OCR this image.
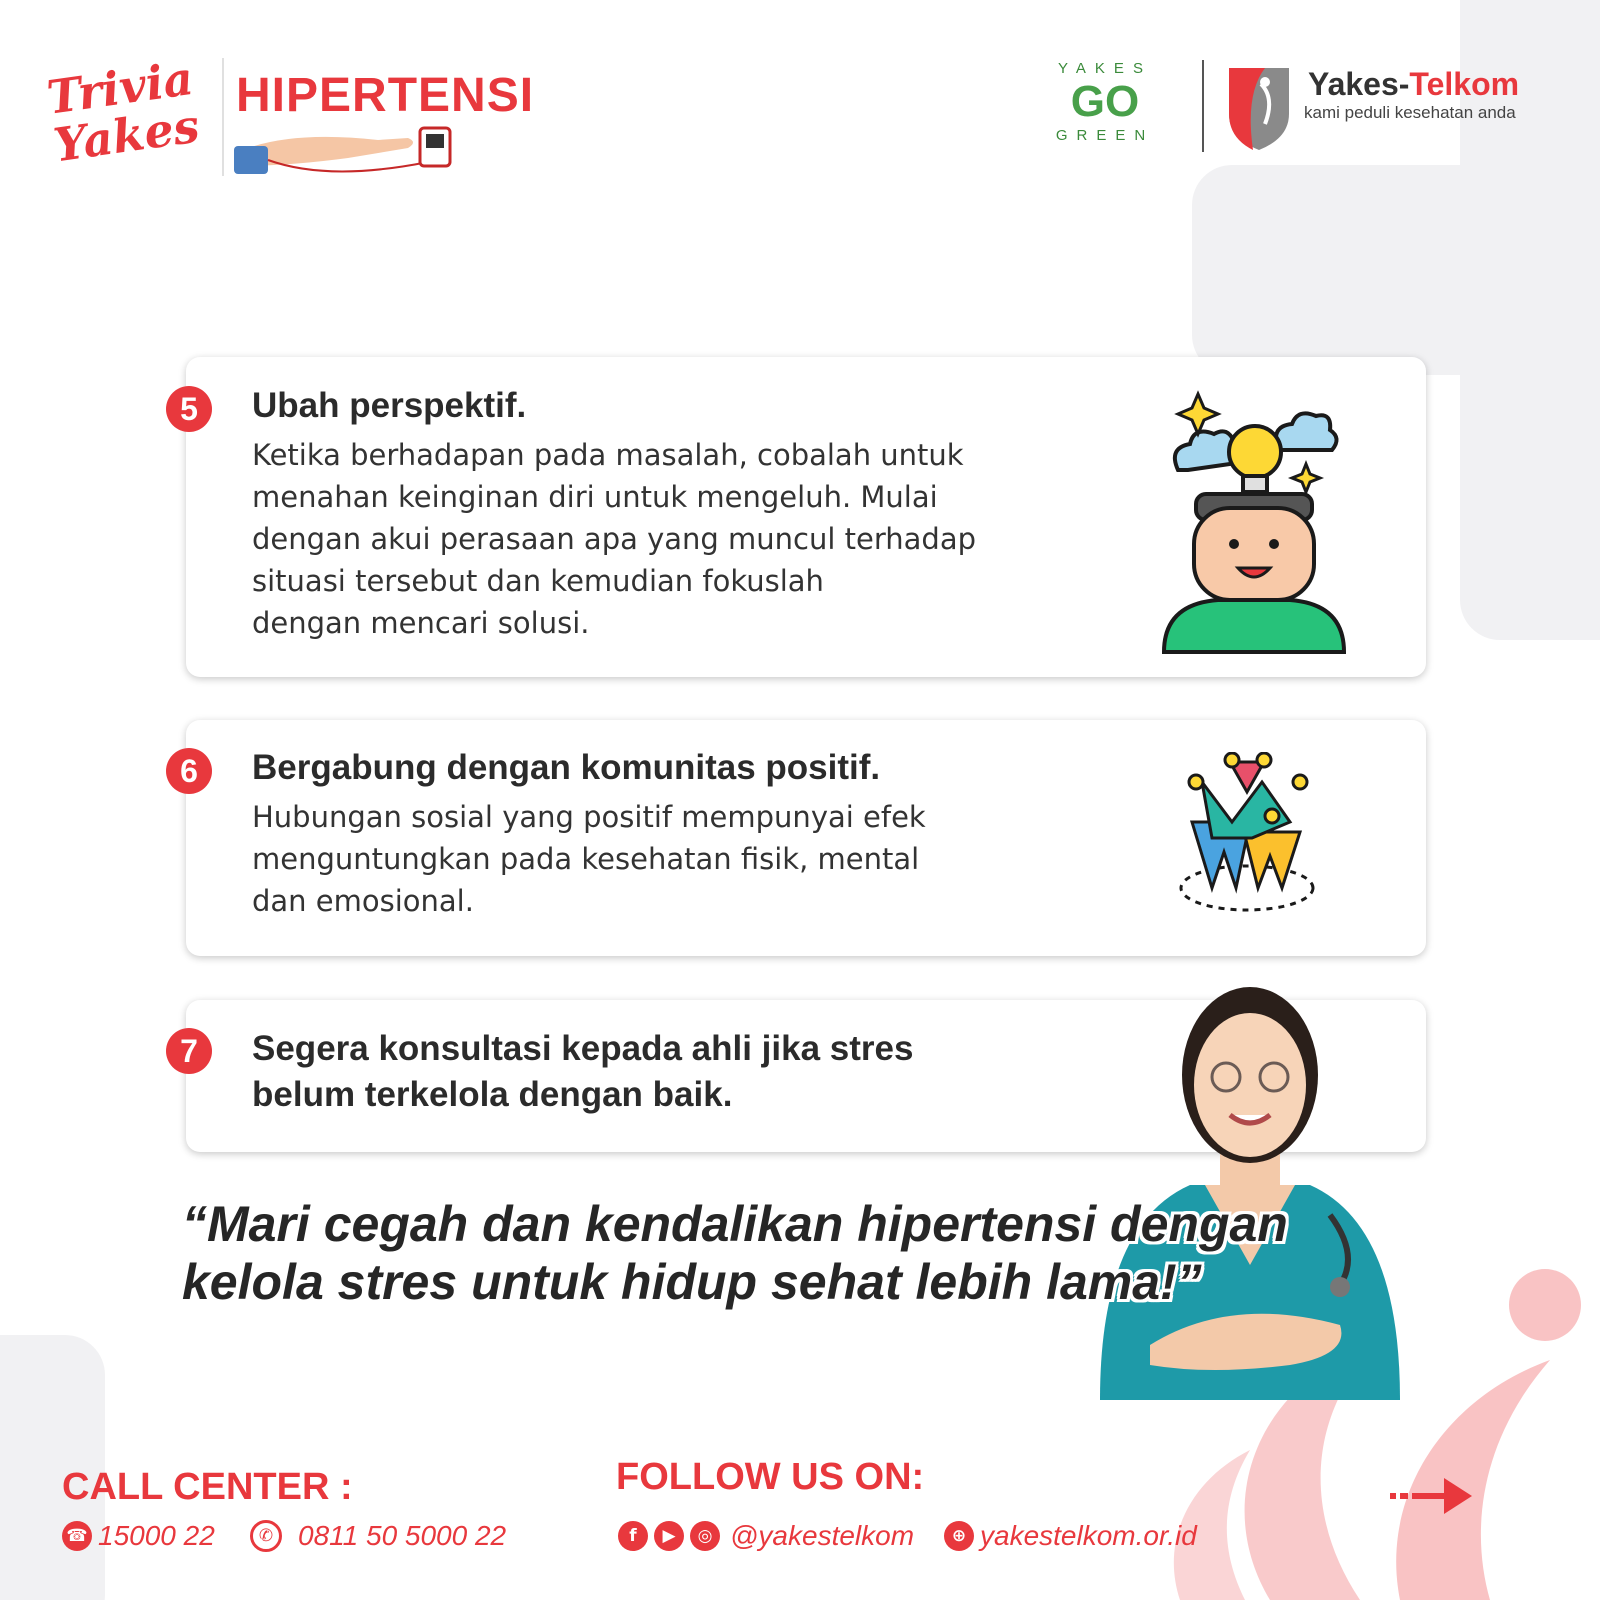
Trivia Yakes
HIPERTENSI
YAKES
GO
GREEN
Yakes-Telkom
kami peduli kesehatan anda
5	Ubah perspektif.
Ketika berhadapan pada masalah, cobalah untuk
menahan keinginan diri untuk mengeluh. Mulai
dengan akui perasaan apa yang muncul terhadap
situasi tersebut dan kemudian fokuslah
dengan mencari solusi.
6	Bergabung dengan komunitas positif.
Hubungan sosial yang positif mempunyai efek
menguntungkan pada kesehatan fisik, mental
dan emosional.
7	Segera konsultasi kepada ahli jika stres
belum terkelola dengan baik.
“Mari cegah dan kendalikan hipertensi dengan
kelola stres untuk hidup sehat lebih lama!”
CALL CENTER :
☎ 15000 22	✆ 0811 50 5000 22
FOLLOW US ON:
f	▶	◎ @yakestelkom	⊕ yakestelkom.or.id
